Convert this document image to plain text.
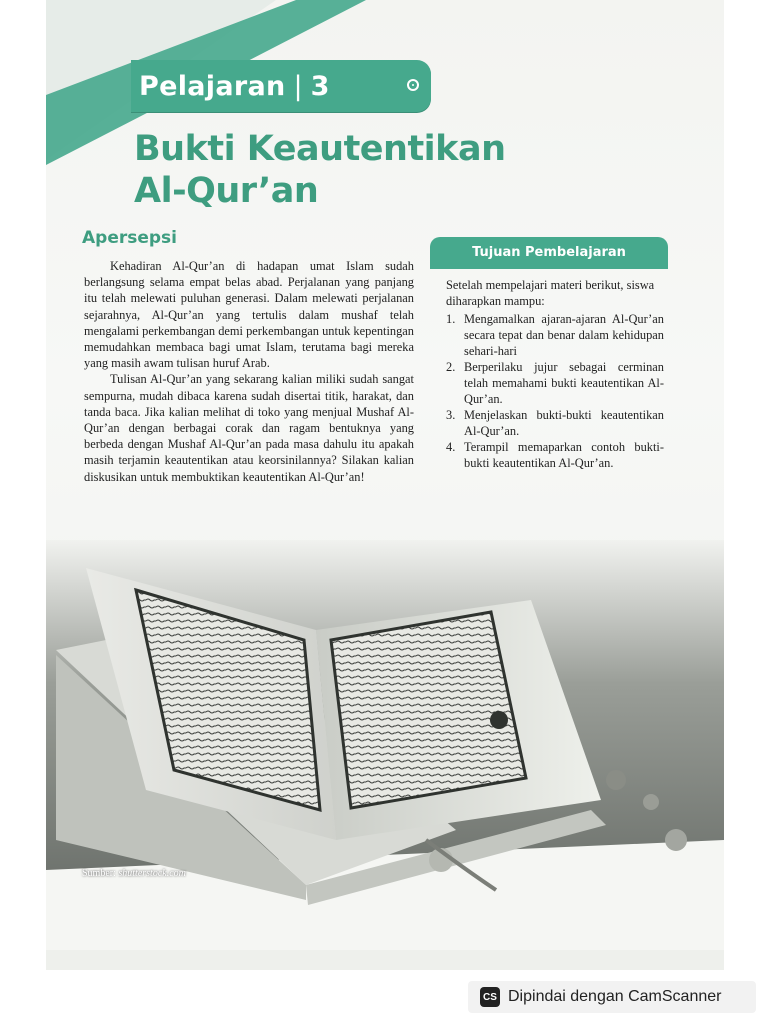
Pelajaran | 3
Bukti Keautentikan
Al-Qur’an
Apersepsi

Kehadiran Al-Qur’an di hadapan umat Islam sudah berlangsung selama empat belas abad. Perjalanan yang panjang itu telah melewati puluhan generasi. Dalam melewati perjalanan sejarahnya, Al-Qur’an yang tertulis dalam mushaf telah mengalami perkembangan demi perkembangan untuk kepentingan memudahkan membaca bagi umat Islam, terutama bagi mereka yang masih awam tulisan huruf Arab.

Tulisan Al-Qur’an yang sekarang kalian miliki sudah sangat sempurna, mudah dibaca karena sudah disertai titik, harakat, dan tanda baca. Jika kalian melihat di toko yang menjual Mushaf Al-Qur’an dengan berbagai corak dan ragam bentuknya yang berbeda dengan Mushaf Al-Qur’an pada masa dahulu itu apakah masih terjamin keautentikan atau keorsinilannya? Silakan kalian diskusikan untuk membuktikan keautentikan Al-Qur’an!

Tujuan Pembelajaran
Setelah mempelajari materi berikut, siswa diharapkan mampu:
1. Mengamalkan ajaran-ajaran Al-Qur’an secara tepat dan benar dalam kehidupan sehari-hari
2. Berperilaku jujur sebagai cerminan telah memahami bukti keautentikan Al-Qur’an.
3. Menjelaskan bukti-bukti keautentikan Al-Qur’an.
4. Terampil memaparkan contoh bukti-bukti keautentikan Al-Qur’an.
Sumber: shutterstock.com
CS Dipindai dengan CamScanner
